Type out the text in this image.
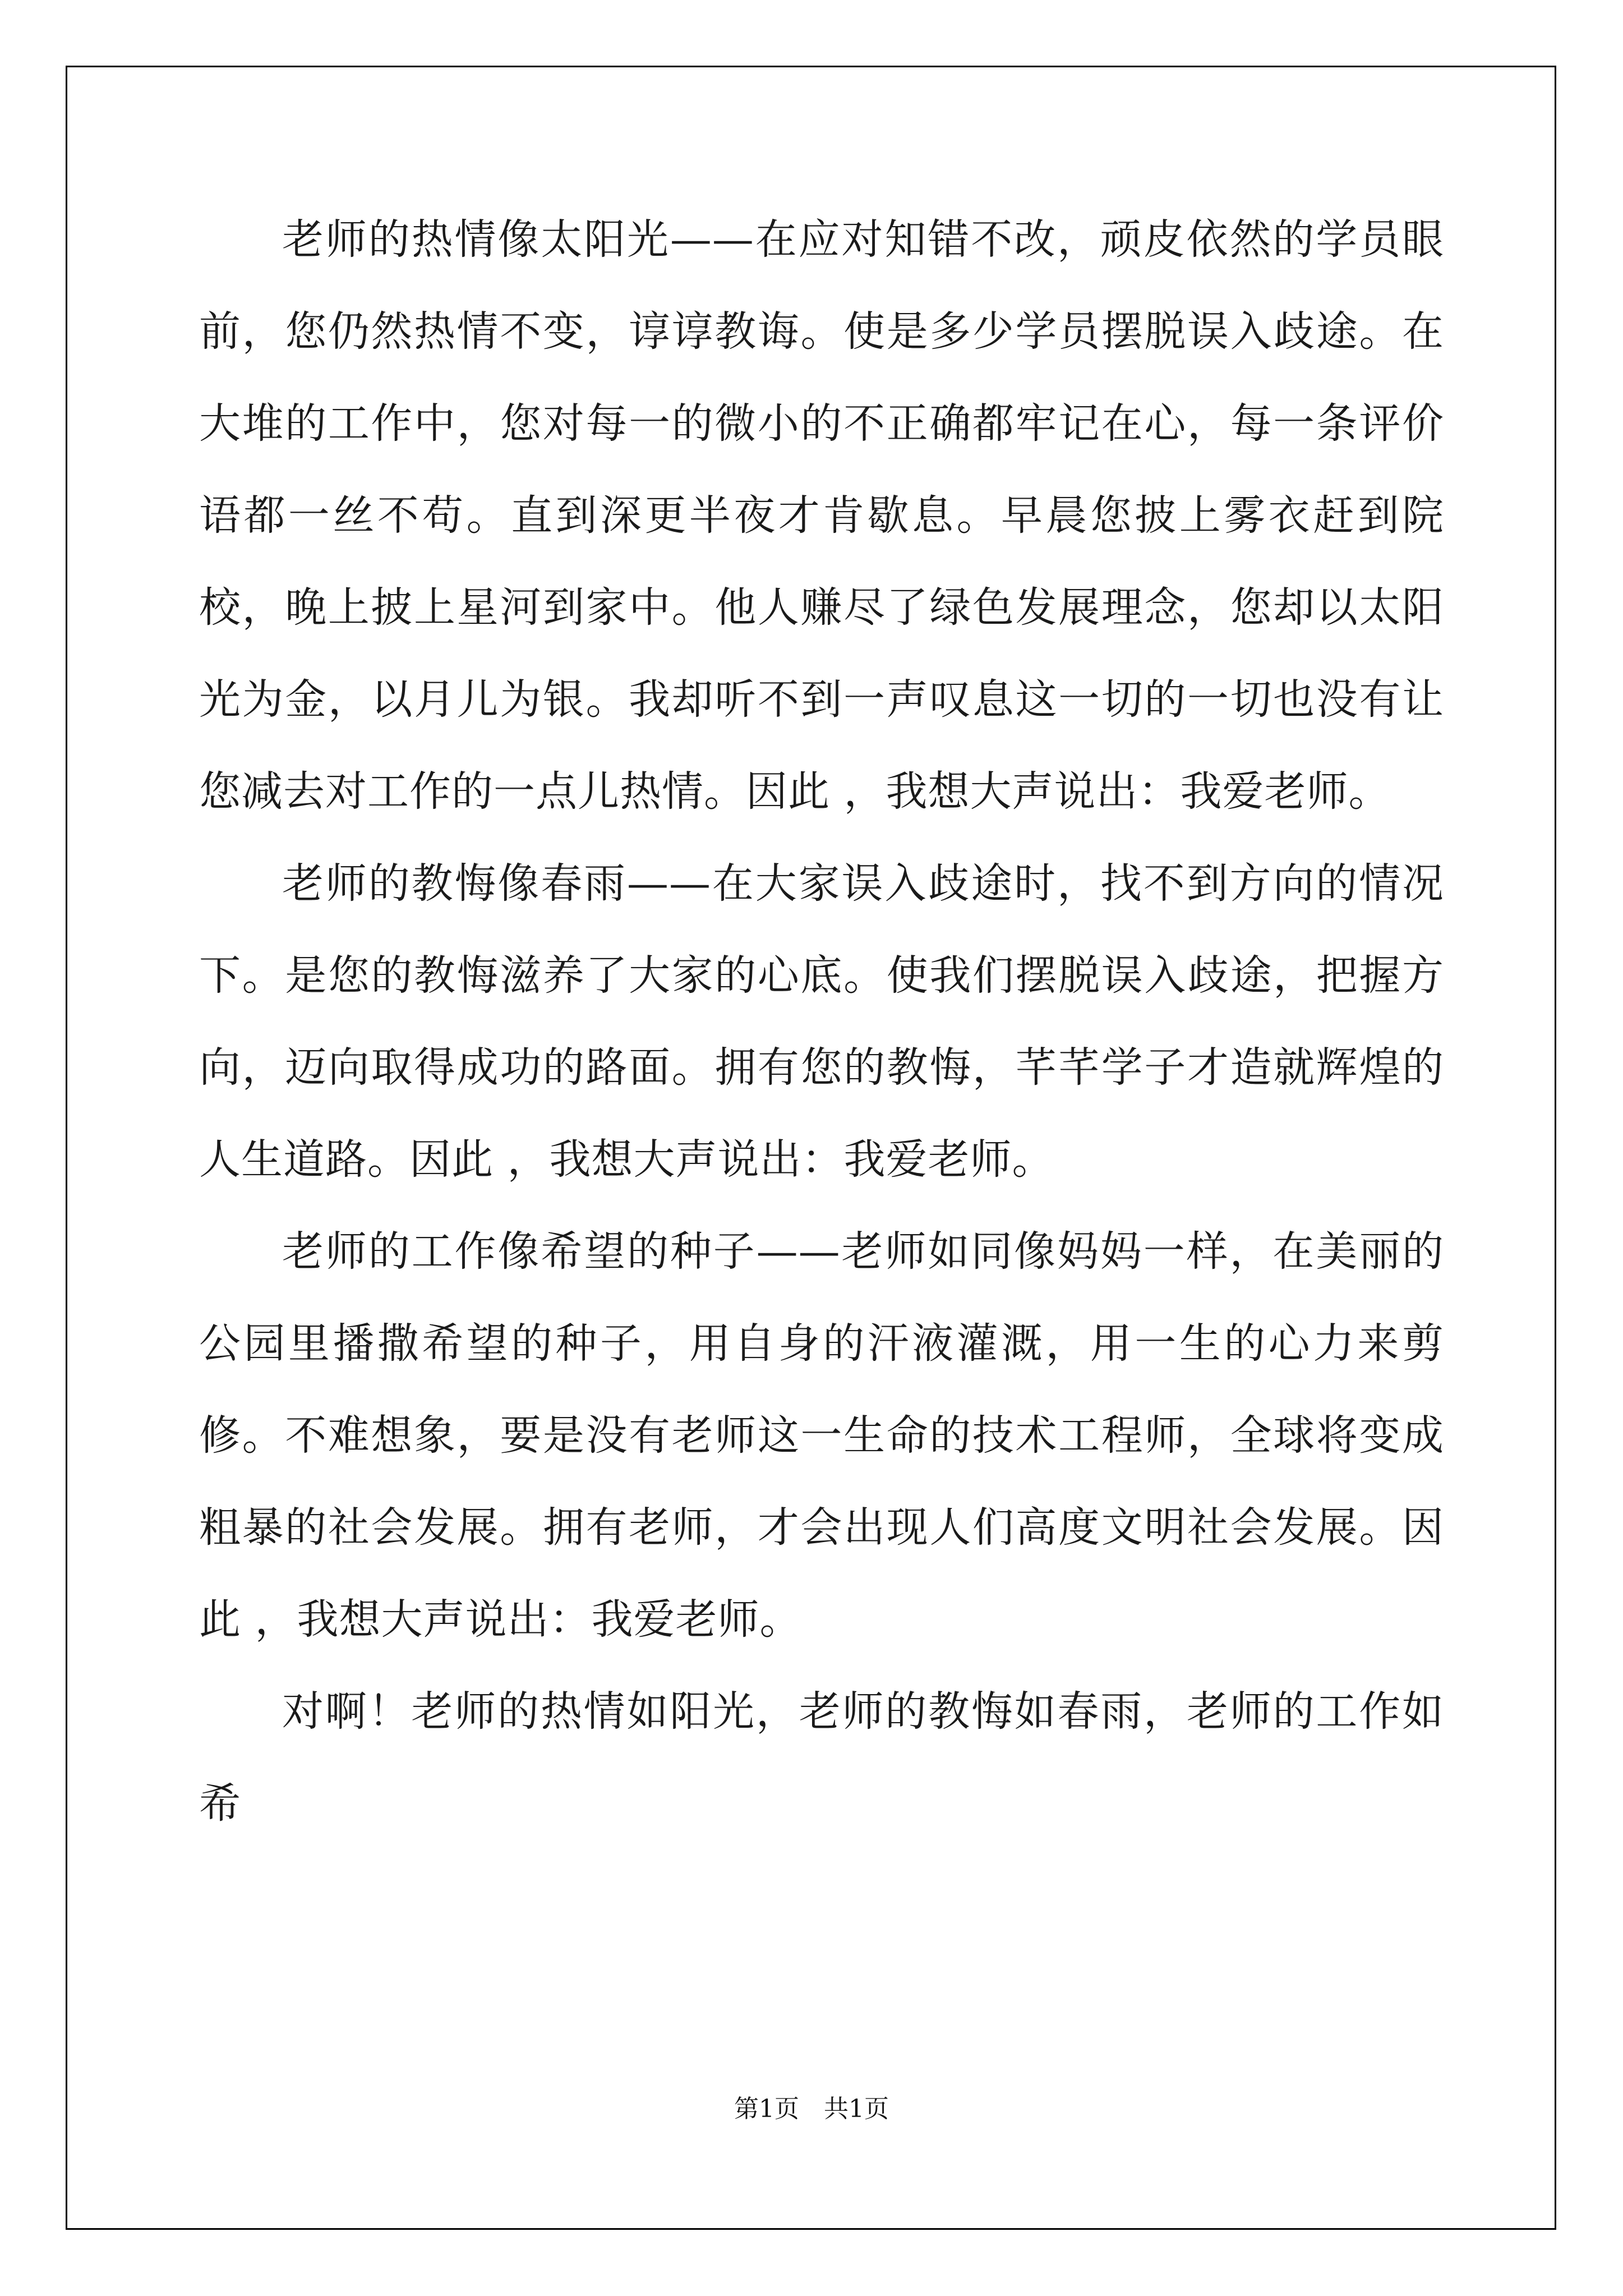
老师的热情像太阳光——在应对知错不改，顽皮依然的学员眼前，您仍然热情不变，谆谆教诲。使是多少学员摆脱误入歧途。在大堆的工作中，您对每一的微小的不正确都牢记在心，每一条评价语都一丝不苟。直到深更半夜才肯歇息。早晨您披上雾衣赶到院校，晚上披上星河到家中。他人赚尽了绿色发展理念，您却以太阳光为金，以月儿为银。我却听不到一声叹息这一切的一切也没有让您减去对工作的一点儿热情。因此 ，我想大声说出：我爱老师。

老师的教悔像春雨——在大家误入歧途时，找不到方向的情况下。是您的教悔滋养了大家的心底。使我们摆脱误入歧途，把握方向，迈向取得成功的路面。拥有您的教悔，芊芊学子才造就辉煌的人生道路。因此 ，我想大声说出：我爱老师。

老师的工作像希望的种子——老师如同像妈妈一样，在美丽的公园里播撒希望的种子，用自身的汗液灌溉，用一生的心力来剪修。不难想象，要是没有老师这一生命的技术工程师，全球将变成粗暴的社会发展。拥有老师，才会出现人们高度文明社会发展。因此 ，我想大声说出：我爱老师。

对啊！老师的热情如阳光，老师的教悔如春雨，老师的工作如希

第1页 共1页
